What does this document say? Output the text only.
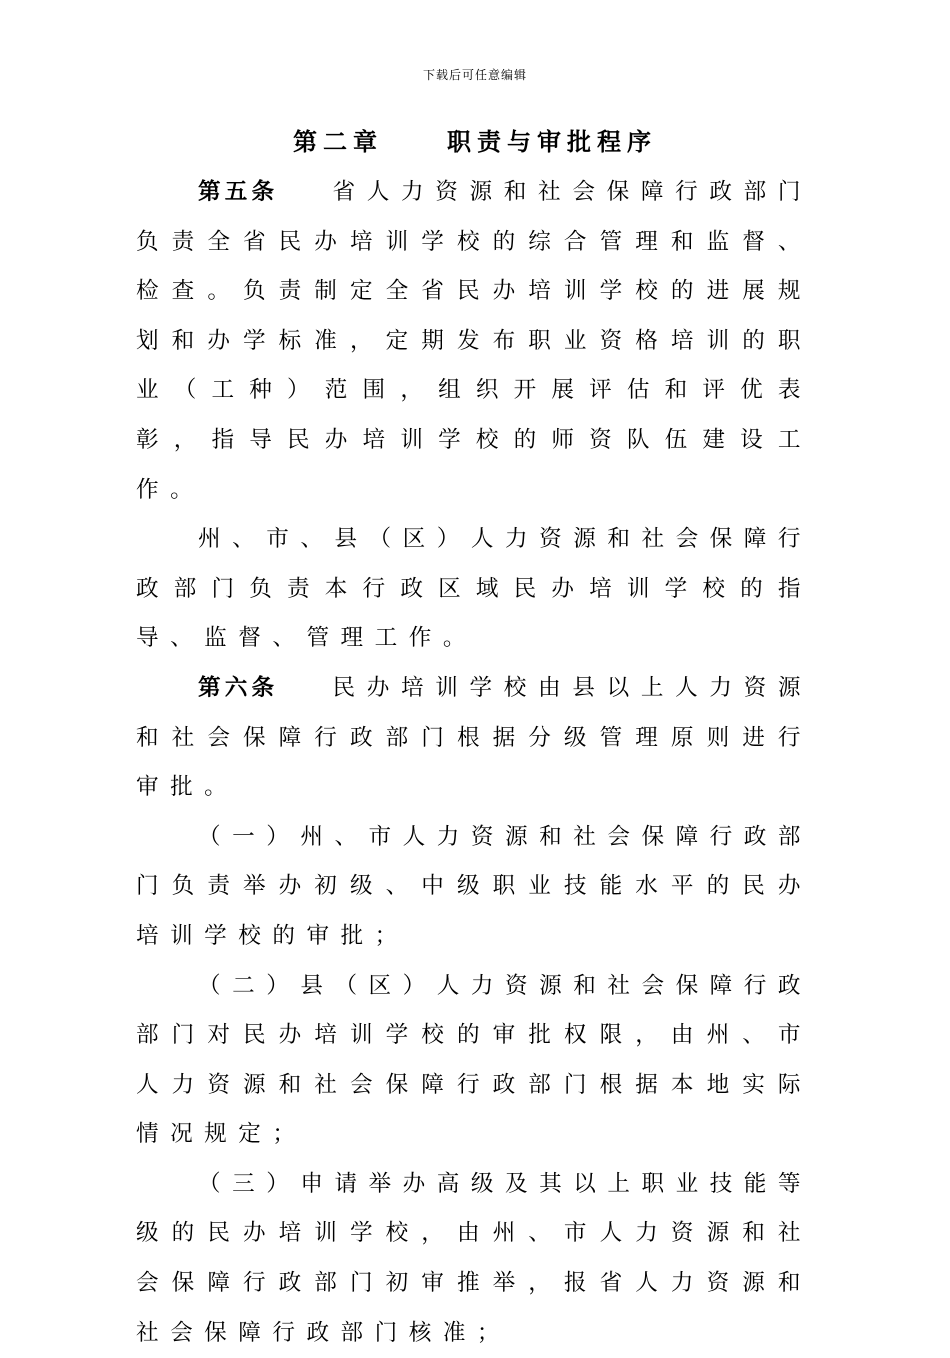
下载后可任意编辑
第二章	职责与审批程序

第五条 省人力资源和社会保障行政部门负责全省民办培训学校的综合管理和监督、检查。负责制定全省民办培训学校的进展规划和办学标准，定期发布职业资格培训的职业（工种）范围，组织开展评估和评优表彰，指导民办培训学校的师资队伍建设工作。

州、市、县（区）人力资源和社会保障行政部门负责本行政区域民办培训学校的指导、监督、管理工作。

第六条 民办培训学校由县以上人力资源和社会保障行政部门根据分级管理原则进行审批。

（一）州、市人力资源和社会保障行政部门负责举办初级、中级职业技能水平的民办培训学校的审批；

（二）县（区）人力资源和社会保障行政部门对民办培训学校的审批权限，由州、市人力资源和社会保障行政部门根据本地实际情况规定；

（三）申请举办高级及其以上职业技能等级的民办培训学校，由州、市人力资源和社会保障行政部门初审推举，报省人力资源和社会保障行政部门核准；
